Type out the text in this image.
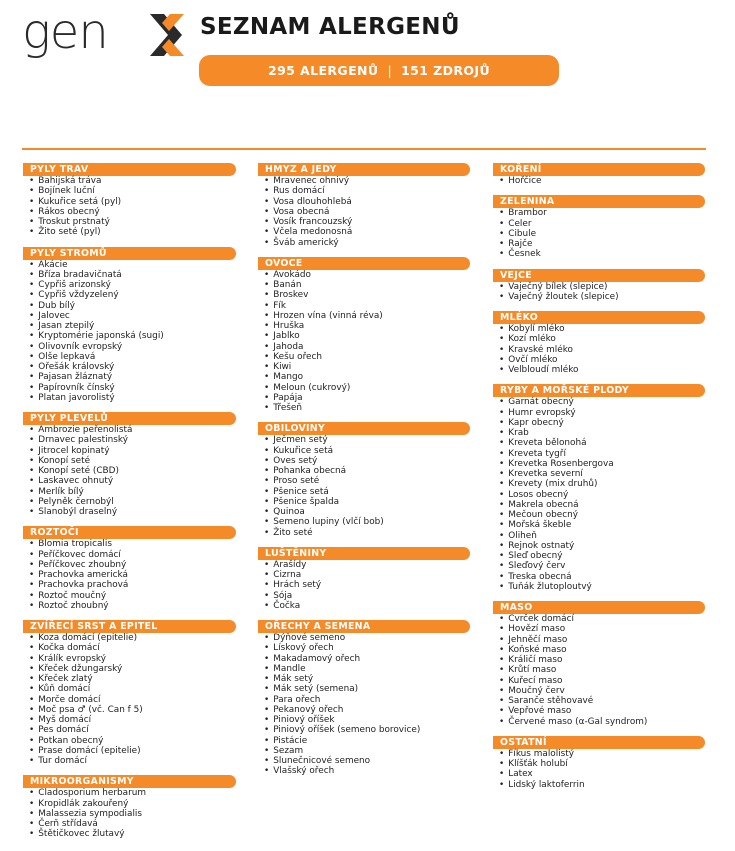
gen	SEZNAM ALERGENŮ
295 ALERGENŮ | 151 ZDROJŮ
PYLY TRAV
• Bahijská tráva
• Bojínek luční
• Kukuřice setá (pyl)
• Rákos obecný
• Troskut prstnatý
• Žito seté (pyl)
PYLY STROMŮ
• Akácie
• Bříza bradavičnatá
• Cypřiš arizonský
• Cypřiš vždyzelený
• Dub bílý
• Jalovec
• Jasan ztepilý
• Kryptomérie japonská (sugi)
• Olivovník evropský
• Olše lepkavá
• Ořešák královský
• Pajasan žláznatý
• Papírovník čínský
• Platan javorolistý
PYLY PLEVELŮ
• Ambrozie peřenolistá
• Drnavec palestinský
• Jitrocel kopinatý
• Konopí seté
• Konopí seté (CBD)
• Laskavec ohnutý
• Merlík bílý
• Pelyněk černobýl
• Slanobýl draselný
ROZTOČI
• Blomia tropicalis
• Peříčkovec domácí
• Peříčkovec zhoubný
• Prachovka americká
• Prachovka prachová
• Roztoč moučný
• Roztoč zhoubný
ZVÍŘECÍ SRST A EPITEL
• Koza domácí (epitelie)
• Kočka domácí
• Králík evropský
• Křeček džungarský
• Křeček zlatý
• Kůň domácí
• Morče domácí
• Moč psa ♂ (vč. Can f 5)
• Myš domácí
• Pes domácí
• Potkan obecný
• Prase domácí (epitelie)
• Tur domácí
MIKROORGANISMY
• Cladosporium herbarum
• Kropidlák zakouřený
• Malassezia sympodialis
• Čerň střídavá
• Štětičkovec žlutavý
HMYZ A JEDY
• Mravenec ohnivý
• Rus domácí
• Vosa dlouhohlebá
• Vosa obecná
• Vosík francouzský
• Včela medonosná
• Šváb americký
OVOCE
• Avokádo
• Banán
• Broskev
• Fík
• Hrozen vína (vinná réva)
• Hruška
• Jablko
• Jahoda
• Kešu ořech
• Kiwi
• Mango
• Meloun (cukrový)
• Papája
• Třešeň
OBILOVINY
• Ječmen setý
• Kukuřice setá
• Oves setý
• Pohanka obecná
• Proso seté
• Pšenice setá
• Pšenice špalda
• Quinoa
• Semeno lupiny (vlčí bob)
• Žito seté
LUŠTĚNINY
• Arašídy
• Cizrna
• Hrách setý
• Sója
• Čočka
OŘECHY A SEMENA
• Dýňové semeno
• Lískový ořech
• Makadamový ořech
• Mandle
• Mák setý
• Mák setý (semena)
• Para ořech
• Pekanový ořech
• Piniový oříšek
• Piniový oříšek (semeno borovice)
• Pistácie
• Sezam
• Slunečnicové semeno
• Vlašský ořech
KOŘENÍ
• Hořčice
ZELENINA
• Brambor
• Celer
• Cibule
• Rajče
• Česnek
VEJCE
• Vaječný bílek (slepice)
• Vaječný žloutek (slepice)
MLÉKO
• Kobylí mléko
• Kozí mléko
• Kravské mléko
• Ovčí mléko
• Velbloudí mléko
RYBY A MOŘSKÉ PLODY
• Garnát obecný
• Humr evropský
• Kapr obecný
• Krab
• Kreveta bělonohá
• Kreveta tygří
• Krevetka Rosenbergova
• Krevetka severní
• Krevety (mix druhů)
• Losos obecný
• Makrela obecná
• Mečoun obecný
• Mořská škeble
• Oliheň
• Rejnok ostnatý
• Sleď obecný
• Sleďový červ
• Treska obecná
• Tuňák žlutoploutvý
MASO
• Cvrček domácí
• Hovězí maso
• Jehněčí maso
• Koňské maso
• Králičí maso
• Krůtí maso
• Kuřecí maso
• Moučný červ
• Saranče stěhovavé
• Vepřové maso
• Červené maso (α-Gal syndrom)
OSTATNÍ
• Fíkus malolistý
• Klíšťák holubí
• Latex
• Lidský laktoferrin
